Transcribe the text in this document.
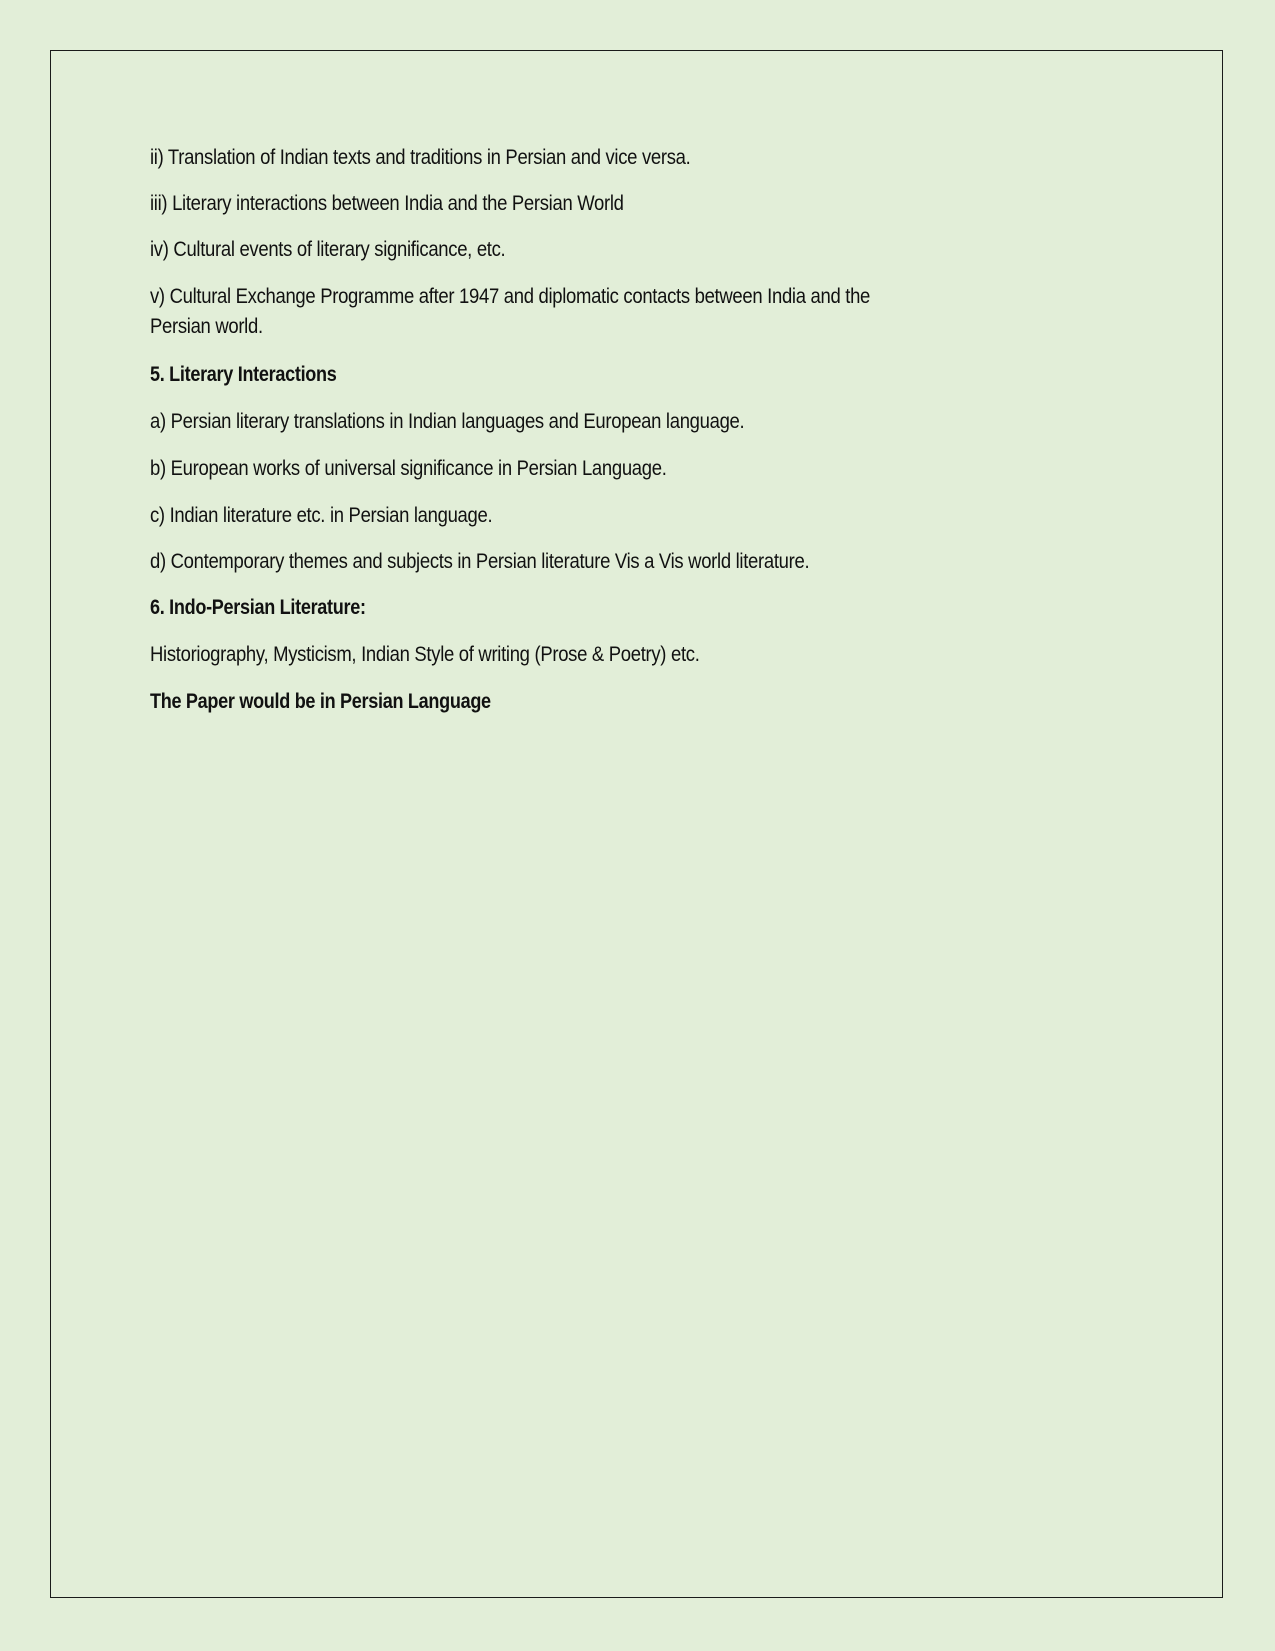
ii) Translation of Indian texts and traditions in Persian and vice versa.
iii) Literary interactions between India and the Persian World
iv) Cultural events of literary significance, etc.
v) Cultural Exchange Programme after 1947 and diplomatic contacts between India and the
Persian world.
5. Literary Interactions
a) Persian literary translations in Indian languages and European language.
b) European works of universal significance in Persian Language.
c) Indian literature etc. in Persian language.
d) Contemporary themes and subjects in Persian literature Vis a Vis world literature.
6. Indo-Persian Literature:
Historiography, Mysticism, Indian Style of writing (Prose & Poetry) etc.
The Paper would be in Persian Language
